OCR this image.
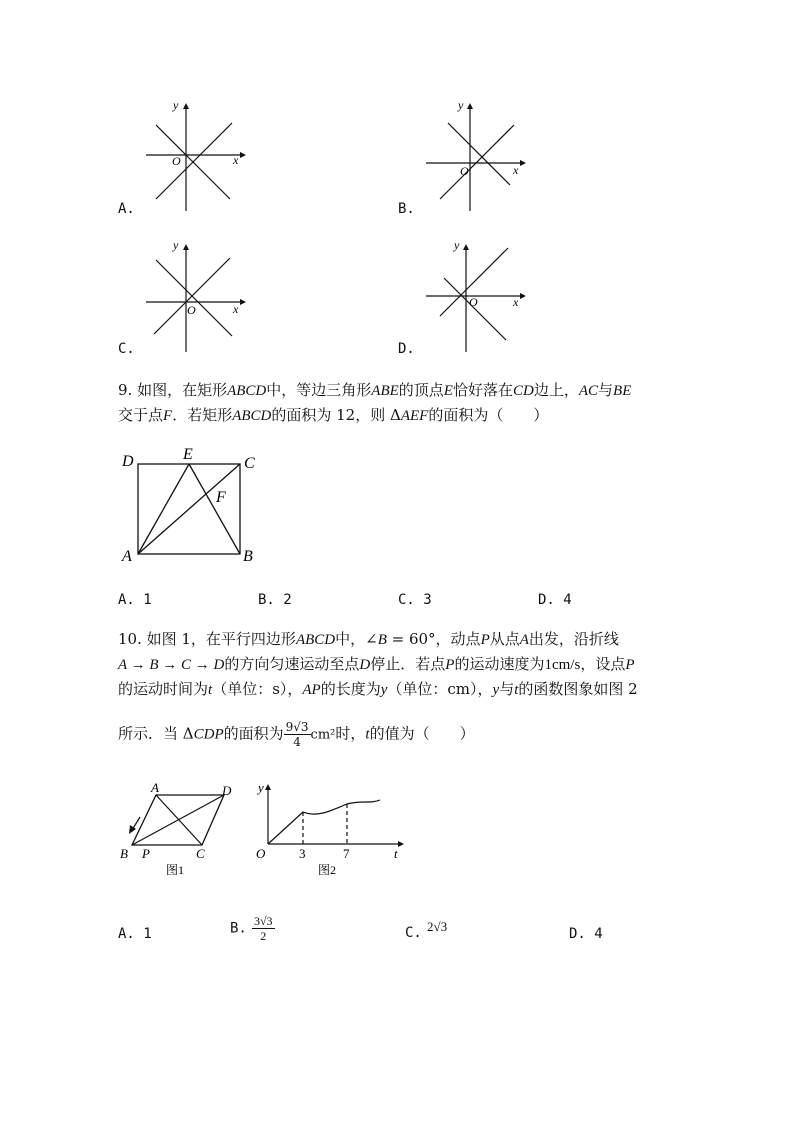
y
O	x
A.
y
O	x
B.
y
O	x
C.
y
O	x
D.
9. 如图，在矩形ABCD中，等边三角形ABE的顶点E恰好落在CD边上，AC与BE
交于点F．若矩形ABCD的面积为 12，则 ΔAEF的面积为（　　）
D	E
C
F
A	B
A. 1	B. 2	C. 3	D. 4
10. 如图 1，在平行四边形ABCD中，∠B = 60°，动点P从点A出发，沿折线
A → B → C → D的方向匀速运动至点D停止．若点P的运动速度为1cm/s，设点P
的运动时间为t（单位：s），AP的长度为y（单位：cm），y与t的函数图象如图 2
所示．当 ΔCDP的面积为 $\frac{9√3}{4} cm^2$时，t的值为（　　）
A	D
B P	C
图1
y
O	3	7	t
图2
A. 1	B. $\frac{3√3}{2}$	C. $^{2√3}$	D. 4
